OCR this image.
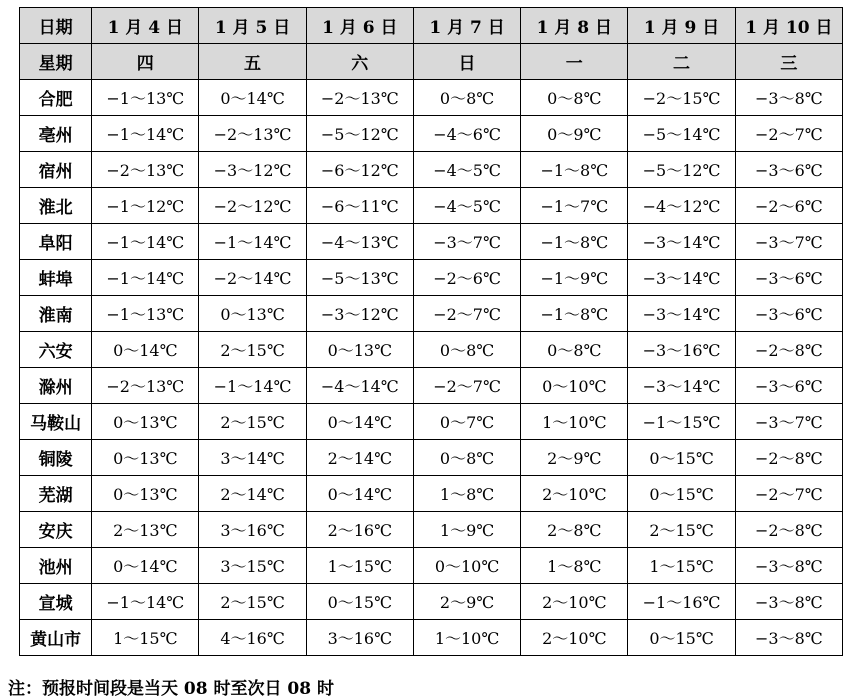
日期	1 月 4 日	1 月 5 日	1 月 6 日	1 月 7 日	1 月 8 日	1 月 9 日	1 月 10 日
星期	四	五	六	日	一	二	三
合肥	−1～13℃	0～14℃	−2～13℃	0～8℃	0～8℃	−2～15℃	−3～8℃
亳州	−1～14℃	−2～13℃	−5～12℃	−4～6℃	0～9℃	−5～14℃	−2～7℃
宿州	−2～13℃	−3～12℃	−6～12℃	−4～5℃	−1～8℃	−5～12℃	−3～6℃
淮北	−1～12℃	−2～12℃	−6～11℃	−4～5℃	−1～7℃	−4～12℃	−2～6℃
阜阳	−1～14℃	−1～14℃	−4～13℃	−3～7℃	−1～8℃	−3～14℃	−3～7℃
蚌埠	−1～14℃	−2～14℃	−5～13℃	−2～6℃	−1～9℃	−3～14℃	−3～6℃
淮南	−1～13℃	0～13℃	−3～12℃	−2～7℃	−1～8℃	−3～14℃	−3～6℃
六安	0～14℃	2～15℃	0～13℃	0～8℃	0～8℃	−3～16℃	−2～8℃
滁州	−2～13℃	−1～14℃	−4～14℃	−2～7℃	0～10℃	−3～14℃	−3～6℃
马鞍山	0～13℃	2～15℃	0～14℃	0～7℃	1～10℃	−1～15℃	−3～7℃
铜陵	0～13℃	3～14℃	2～14℃	0～8℃	2～9℃	0～15℃	−2～8℃
芜湖	0～13℃	2～14℃	0～14℃	1～8℃	2～10℃	0～15℃	−2～7℃
安庆	2～13℃	3～16℃	2～16℃	1～9℃	2～8℃	2～15℃	−2～8℃
池州	0～14℃	3～15℃	1～15℃	0～10℃	1～8℃	1～15℃	−3～8℃
宣城	−1～14℃	2～15℃	0～15℃	2～9℃	2～10℃	−1～16℃	−3～8℃
黄山市	1～15℃	4～16℃	3～16℃	1～10℃	2～10℃	0～15℃	−3～8℃
注：预报时间段是当天 08 时至次日 08 时
